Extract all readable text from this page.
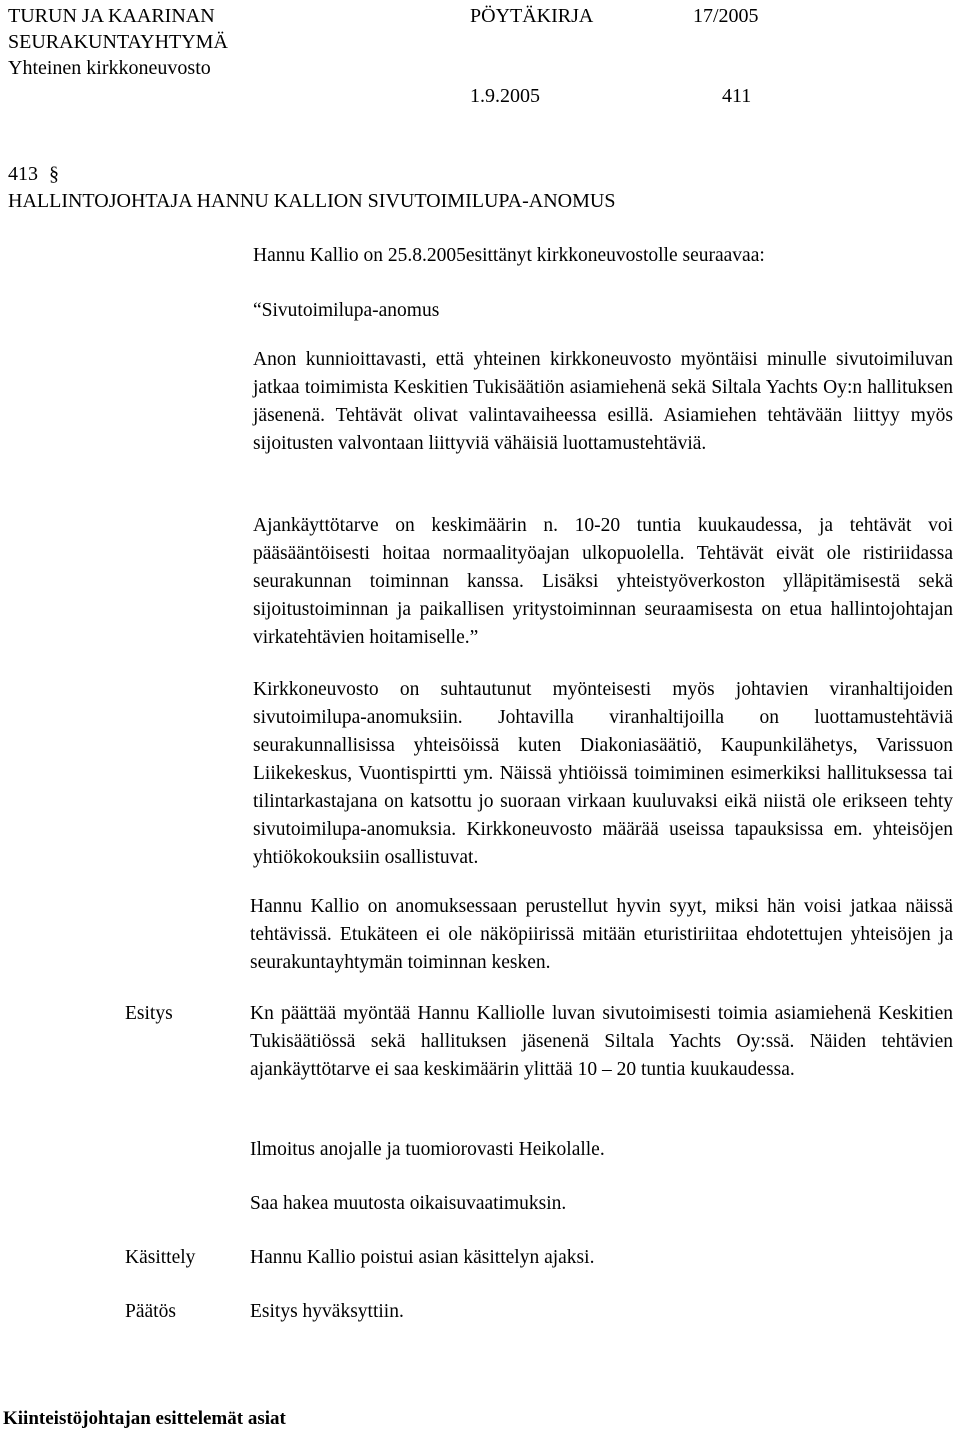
TURUN JA KAARINAN
SEURAKUNTAYHTYMÄ
Yhteinen kirkkoneuvosto
PÖYTÄKIRJA	17/2005
1.9.2005	411
413 §
HALLINTOJOHTAJA HANNU KALLION SIVUTOIMILUPA-ANOMUS
Hannu Kallio on 25.8.2005esittänyt kirkkoneuvostolle seuraavaa:
“Sivutoimilupa-anomus

Anon kunnioittavasti, että yhteinen kirkkoneuvosto myöntäisi minulle sivutoimiluvan jatkaa toimimista Keskitien Tukisäätiön asiamiehenä sekä Siltala Yachts Oy:n hallituksen jäsenenä. Tehtävät olivat valintavaiheessa esillä. Asiamiehen tehtävään liittyy myös sijoitusten valvontaan liittyviä vähäisiä luottamustehtäviä.

Ajankäyttötarve on keskimäärin n. 10-20 tuntia kuukaudessa, ja tehtävät voi pääsääntöisesti hoitaa normaalityöajan ulkopuolella. Tehtävät eivät ole ristiriidassa seurakunnan toiminnan kanssa. Lisäksi yhteistyöverkoston ylläpitämisestä sekä sijoitustoiminnan ja paikallisen yritystoiminnan seuraamisesta on etua hallintojohtajan virkatehtävien hoitamiselle.”

Kirkkoneuvosto on suhtautunut myönteisesti myös johtavien viranhaltijoiden sivutoimilupa-anomuksiin. Johtavilla viranhaltijoilla on luottamustehtäviä seurakunnallisissa yhteisöissä kuten Diakoniasäätiö, Kaupunkilähetys, Varissuon Liikekeskus, Vuontispirtti ym. Näissä yhtiöissä toimiminen esimerkiksi hallituksessa tai tilintarkastajana on katsottu jo suoraan virkaan kuuluvaksi eikä niistä ole erikseen tehty sivutoimilupa-anomuksia. Kirkkoneuvosto määrää useissa tapauksissa em. yhteisöjen yhtiökokouksiin osallistuvat.

Hannu Kallio on anomuksessaan perustellut hyvin syyt, miksi hän voisi jatkaa näissä tehtävissä. Etukäteen ei ole näköpiirissä mitään eturistiriitaa ehdotettujen yhteisöjen ja seurakuntayhtymän toiminnan kesken.

Esitys	Kn päättää myöntää Hannu Kalliolle luvan sivutoimisesti toimia asiamiehenä Keskitien Tukisäätiössä sekä hallituksen jäsenenä Siltala Yachts Oy:ssä. Näiden tehtävien ajankäyttötarve ei saa keskimäärin ylittää 10 – 20 tuntia kuukaudessa.

Ilmoitus anojalle ja tuomiorovasti Heikolalle.
Saa hakea muutosta oikaisuvaatimuksin.
Käsittely	Hannu Kallio poistui asian käsittelyn ajaksi.
Päätös	Esitys hyväksyttiin.
Kiinteistöjohtajan esittelemät asiat
